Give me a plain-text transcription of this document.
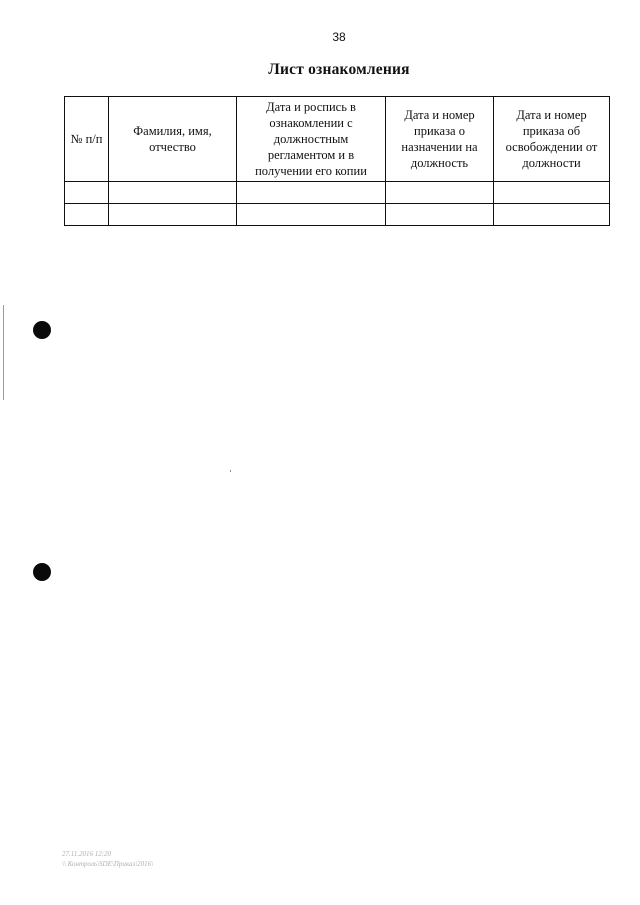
38
Лист ознакомления
№ п/п	Фамилия, имя, отчество	Дата и роспись в ознакомлении с должностным регламентом и в получении его копии	Дата и номер приказа о назначении на должность	Дата и номер приказа об освобождении от должности

27.11.2016 12:20
\\ Контроль\SDE\Приказ\2016\
